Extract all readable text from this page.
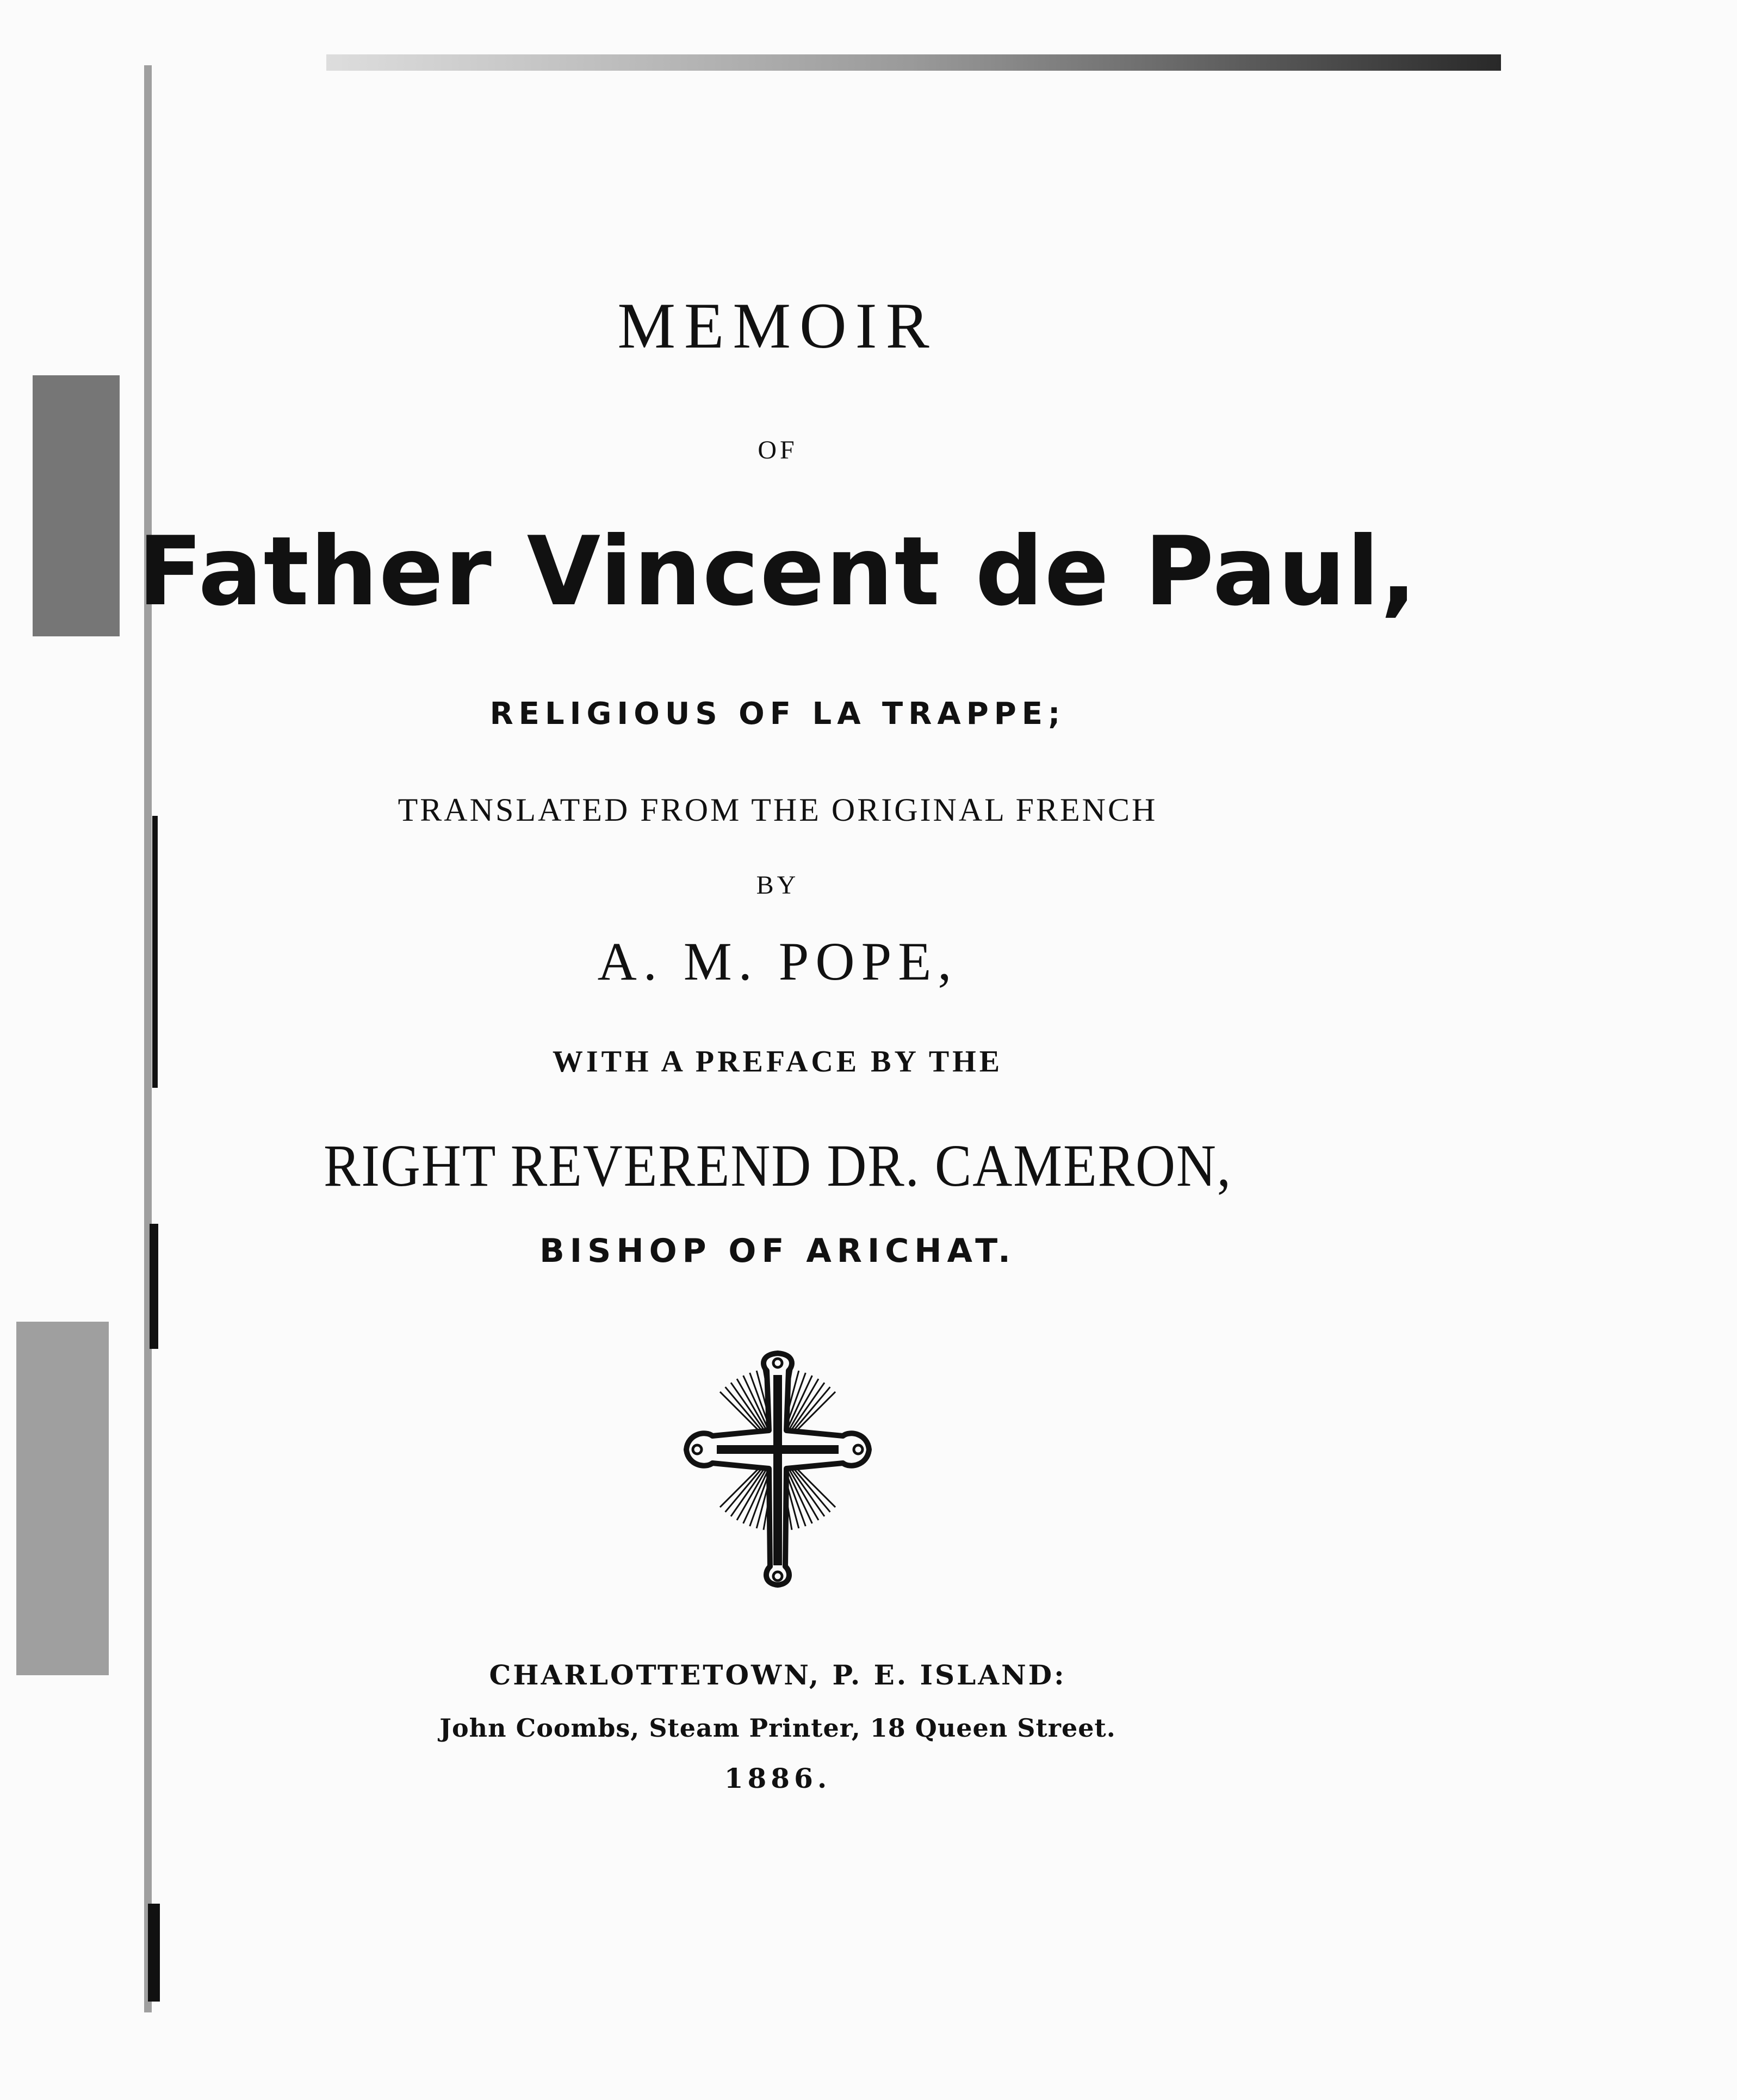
MEMOIR
OF
Father Vincent de Paul,
RELIGIOUS OF LA TRAPPE;
TRANSLATED FROM THE ORIGINAL FRENCH
BY
A. M. POPE,
WITH A PREFACE BY THE
RIGHT REVEREND DR. CAMERON,
BISHOP OF ARICHAT.
CHARLOTTETOWN, P. E. ISLAND:
John Coombs, Steam Printer, 18 Queen Street.
1886.
